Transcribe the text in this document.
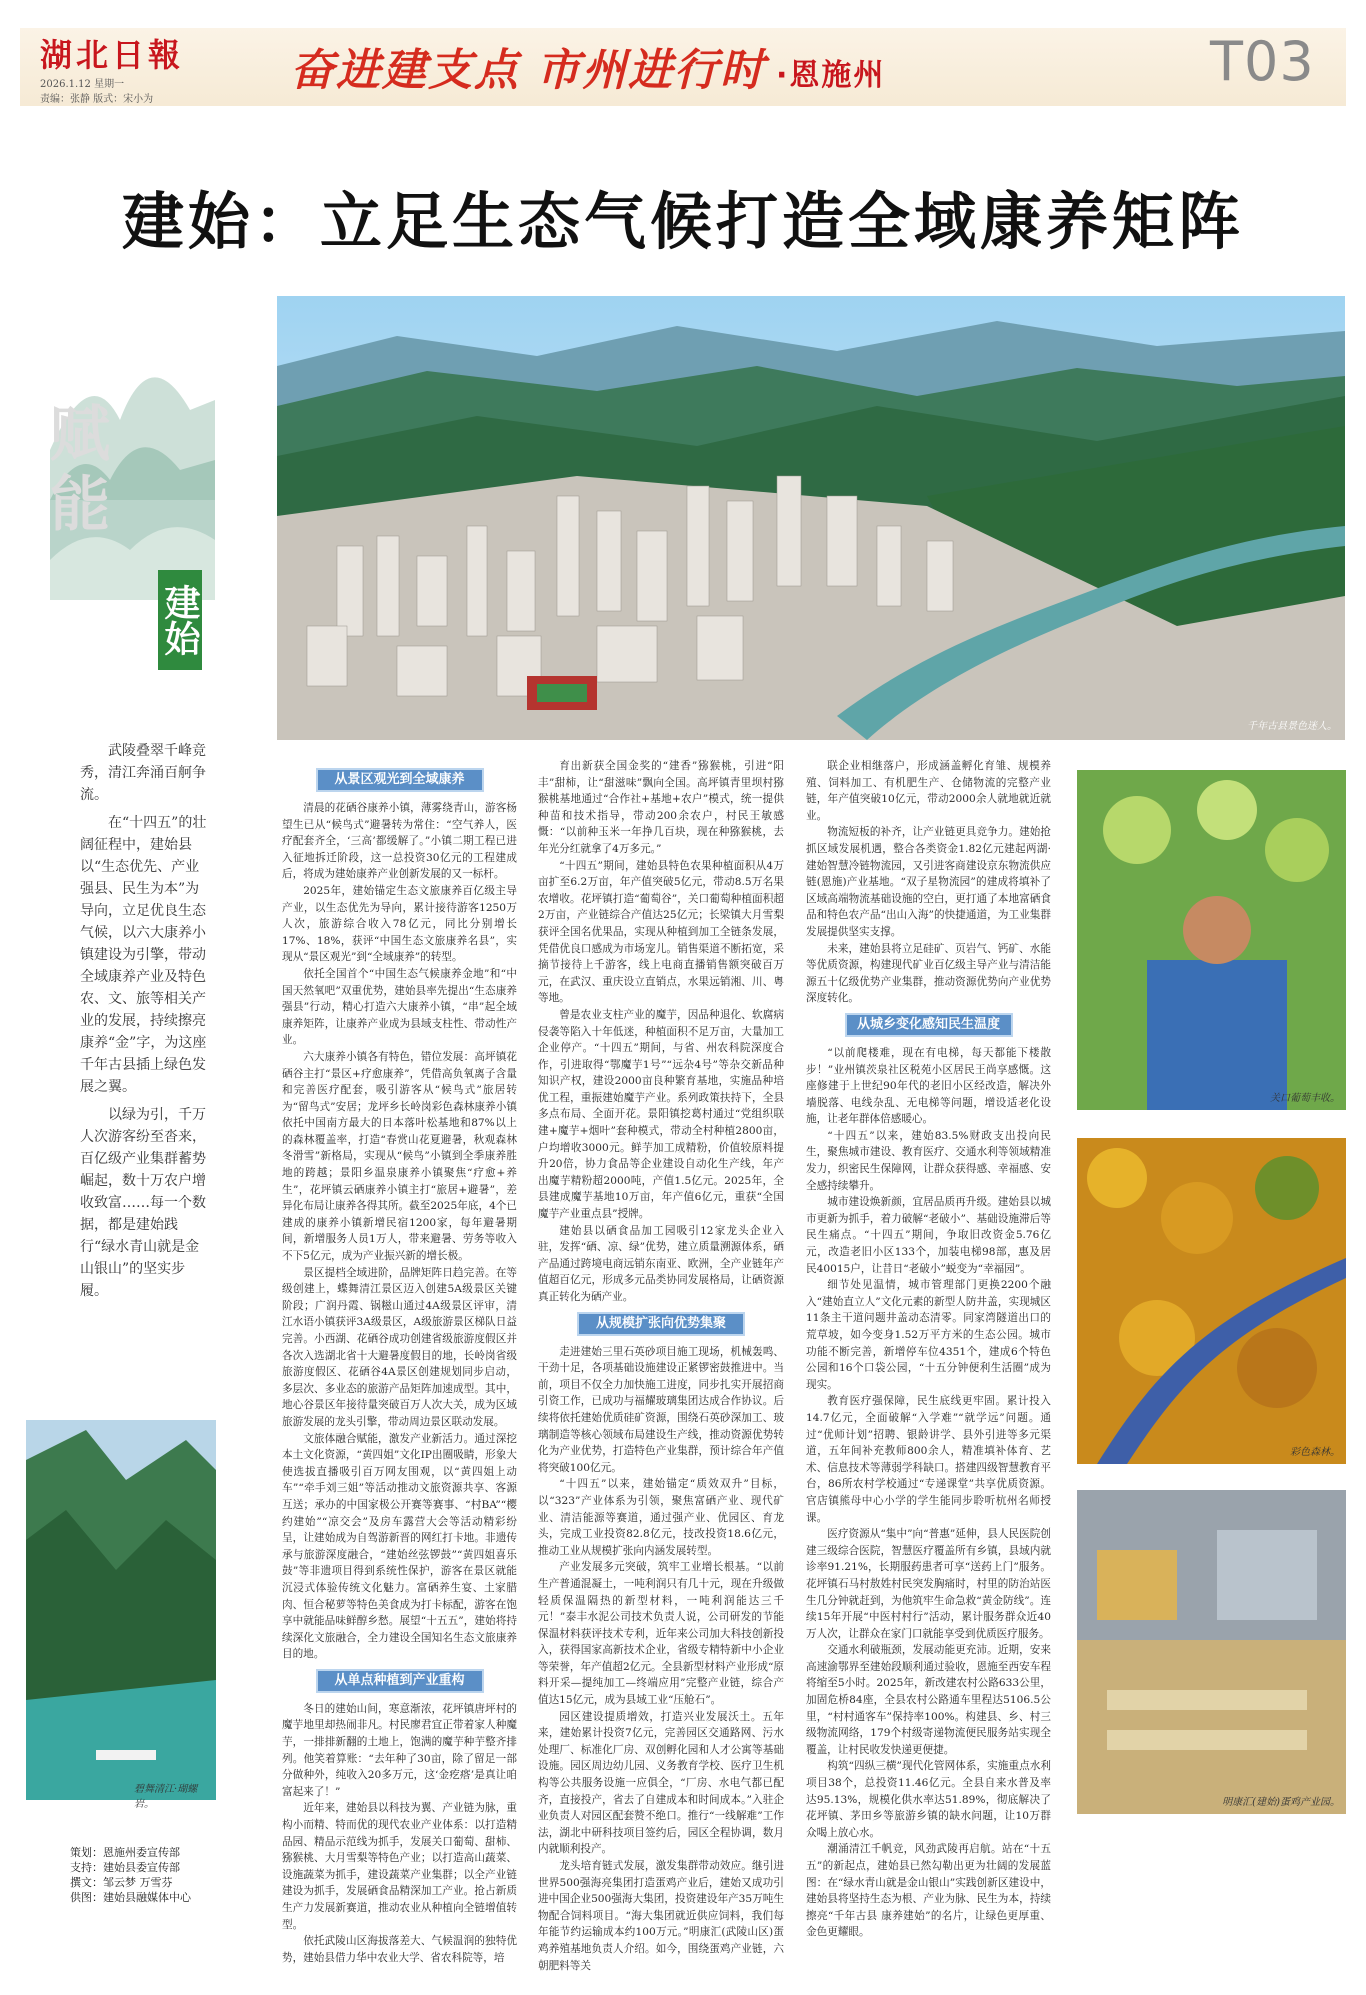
湖北日報
2026.1.12 星期一
责编：张静 版式：宋小为
奋进建支点 市州进行时 ·恩施州	T03
建始：立足生态气候打造全域康养矩阵
千年古县景色迷人。
赋
能
建始

武陵叠翠千峰竞秀，清江奔涌百舸争流。

在“十四五”的壮阔征程中，建始县以“生态优先、产业强县、民生为本”为导向，立足优良生态气候，以六大康养小镇建设为引擎，带动全域康养产业及特色农、文、旅等相关产业的发展，持续擦亮康养“金”字，为这座千年古县插上绿色发展之翼。

以绿为引，千万人次游客纷至沓来，百亿级产业集群蓄势崛起，数十万农户增收致富……每一个数据，都是建始践行“绿水青山就是金山银山”的坚实步履。

碧舞清江·瑚螺岩。
策划：恩施州委宣传部
支持：建始县委宣传部
撰文：邹云梦 万雪芬
供图：建始县融媒体中心
从景区观光到全域康养

清晨的花硒谷康养小镇，薄雾绕青山，游客杨望生已从“候鸟式”避暑转为常住：“空气养人，医疗配套齐全，‘三高’都缓解了。”小镇二期工程已进入征地拆迁阶段，这一总投资30亿元的工程建成后，将成为建始康养产业创新发展的又一标杆。

2025年，建始锚定生态文旅康养百亿级主导产业，以生态优先为导向，累计接待游客1250万人次，旅游综合收入78亿元，同比分别增长17%、18%，获评“中国生态文旅康养名县”，实现从“景区观光”到“全域康养”的转型。

依托全国首个“中国生态气候康养金地”和“中国天然氧吧”双重优势，建始县率先提出“生态康养强县”行动，精心打造六大康养小镇，“串”起全域康养矩阵，让康养产业成为县域支柱性、带动性产业。

六大康养小镇各有特色，错位发展：高坪镇花硒谷主打“景区+疗愈康养”，凭借高负氧离子含量和完善医疗配套，吸引游客从“候鸟式”旅居转为“留鸟式”安居；龙坪乡长岭岗彩色森林康养小镇依托中国南方最大的日本落叶松基地和87%以上的森林覆盖率，打造“春赏山花夏避暑，秋观森林冬滑雪”新格局，实现从“候鸟”小镇到全季康养胜地的跨越；景阳乡温泉康养小镇聚焦“疗愈+养生”，花坪镇云硒康养小镇主打“旅居+避暑”，差异化布局让康养各得其所。截至2025年底，4个已建成的康养小镇新增民宿1200家，每年避暑期间，新增服务人员1万人，带来避暑、劳务等收入不下5亿元，成为产业振兴新的增长极。

景区提档全域进阶，品牌矩阵日趋完善。在等级创建上，蝶舞清江景区迈入创建5A级景区关键阶段；广润丹霞、锅糍山通过4A级景区评审，清江水语小镇获评3A级景区，A级旅游景区梯队日益完善。小西湖、花硒谷成功创建省级旅游度假区并各次入选湖北省十大避暑度假目的地，长岭岗省级旅游度假区、花硒谷4A景区创建规划同步启动，多层次、多业态的旅游产品矩阵加速成型。其中，地心谷景区年接待量突破百万人次大关，成为区域旅游发展的龙头引擎，带动周边景区联动发展。

文旅体融合赋能，激发产业新活力。通过深挖本土文化资源，“黄四姐”文化IP出圈吸睛，形象大使选拔直播吸引百万网友围观，以“黄四姐上动车”“牵手刘三姐”等活动推动文旅资源共享、客源互送；承办的中国家极公开赛等赛事、“村BA”“樱约建始”“凉交会”及房车露营大会等活动精彩纷呈，让建始成为自驾游新晋的网红打卡地。非遗传承与旅游深度融合，“建始丝弦锣鼓”“黄四姐喜乐鼓”等非遗项目得到系统性保护，游客在景区就能沉浸式体验传统文化魅力。富硒养生宴、土家腊肉、恒合秘萝等特色美食成为打卡标配，游客在饱享中就能品味鲜醇乡愁。展望“十五五”，建始将持续深化文旅融合，全力建设全国知名生态文旅康养目的地。

从单点种植到产业重构

冬日的建始山间，寒意渐浓，花坪镇唐坪村的魔芋地里却热闹非凡。村民廖君宜正带着家人种魔芋，一排排新翻的土地上，饱满的魔芋种芋整齐排列。他笑着算账：“去年种了30亩，除了留足一部分做种外，纯收入20多万元，这‘金疙瘩’是真让咱富起来了！”

近年来，建始县以科技为翼、产业链为脉，重构小而精、特而优的现代农业产业体系：以打造精品园、精品示范线为抓手，发展关口葡萄、甜柿、猕猴桃、大月雪梨等特色产业；以打造高山蔬菜、设施蔬菜为抓手，建设蔬菜产业集群；以全产业链建设为抓手，发展硒食品精深加工产业。抢占新质生产力发展新赛道，推动农业从种植向全链增值转型。

依托武陵山区海拔落差大、气候温润的独特优势，建始县借力华中农业大学、省农科院等，培

育出新获全国金奖的“建香”猕猴桃，引进“阳丰”甜柿，让“甜滋味”飘向全国。高坪镇青里坝村猕猴桃基地通过“合作社+基地+农户”模式，统一提供种苗和技术指导，带动200余农户，村民王敏感慨：“以前种玉米一年挣几百块，现在种猕猴桃，去年光分红就拿了4万多元。”

“十四五”期间，建始县特色农果种植面积从4万亩扩至6.2万亩，年产值突破5亿元，带动8.5万名果农增收。花坪镇打造“葡萄谷”，关口葡萄种植面积超2万亩，产业链综合产值达25亿元；长梁镇大月雪梨获评全国名优果品，实现从种植到加工全链条发展，凭借优良口感成为市场宠儿。销售渠道不断拓宽，采摘节接待上千游客，线上电商直播销售额突破百万元，在武汉、重庆设立直销点，水果远销湘、川、粤等地。

曾是农业支柱产业的魔芋，因品种退化、软腐病侵袭等陷入十年低迷，种植面积不足万亩，大量加工企业停产。“十四五”期间，与省、州农科院深度合作，引进取得“鄂魔芋1号”“远杂4号”等杂交新品种知识产权，建设2000亩良种繁育基地，实施品种培优工程，重振建始魔芋产业。系列政策扶持下，全县多点布局、全面开花。景阳镇挖葛村通过“党组织联建+魔芋+烟叶”套种模式，带动全村种植2800亩，户均增收3000元。鲜芋加工成精粉，价值较原料提升20倍，协力食品等企业建设自动化生产线，年产出魔芋精粉超2000吨，产值1.5亿元。2025年，全县建成魔芋基地10万亩，年产值6亿元，重获“全国魔芋产业重点县”授牌。

建始县以硒食品加工园吸引12家龙头企业入驻，发挥“硒、凉、绿”优势，建立质量溯源体系，硒产品通过跨境电商远销东南亚、欧洲，全产业链年产值超百亿元，形成多元品类协同发展格局，让硒资源真正转化为硒产业。

从规模扩张向优势集聚

走进建始三里石英砂项目施工现场，机械轰鸣、干劲十足，各项基础设施建设正紧锣密鼓推进中。当前，项目不仅全力加快施工进度，同步扎实开展招商引资工作，已成功与福耀玻璃集团达成合作协议。后续将依托建始优质硅矿资源，围绕石英砂深加工、玻璃制造等核心领域布局建设生产线，推动资源优势转化为产业优势，打造特色产业集群，预计综合年产值将突破100亿元。

“十四五”以来，建始锚定“质效双升”目标，以“323”产业体系为引领，聚焦富硒产业、现代矿业、清洁能源等赛道，通过强产业、优园区、育龙头，完成工业投资82.8亿元，技改投资18.6亿元，推动工业从规模扩张向内涵发展转型。

产业发展多元突破，筑牢工业增长根基。“以前生产普通混凝土，一吨利润只有几十元，现在升级做轻质保温隔热的新型材料，一吨利润能达三千元！”泰丰水泥公司技术负责人说，公司研发的节能保温材料获评技术专利，近年来公司加大科技创新投入，获得国家高新技术企业，省级专精特新中小企业等荣誉，年产值超2亿元。全县新型材料产业形成“原料开采—提纯加工—终端应用”完整产业链，综合产值达15亿元，成为县域工业“压舱石”。

园区建设提质增效，打造兴业发展沃土。五年来，建始累计投资7亿元，完善园区交通路网、污水处理厂、标准化厂房、双创孵化园和人才公寓等基础设施。园区周边幼儿园、义务教育学校、医疗卫生机构等公共服务设施一应俱全，“厂房、水电气都已配齐，直接投产，省去了自建成本和时间成本。”入驻企业负责人对园区配套赞不绝口。推行“一线解难”工作法，湖北中研科技项目签约后，园区全程协调，数月内就顺利投产。

龙头培育链式发展，激发集群带动效应。继引进世界500强海亮集团打造蛋鸡产业后，建始又成功引进中国企业500强海大集团，投资建设年产35万吨生物配合饲料项目。“海大集团就近供应饲料，我们每年能节约运输成本约100万元。”明康汇(武陵山区)蛋鸡养殖基地负责人介绍。如今，围绕蛋鸡产业链，六朝肥料等关

联企业相继落户，形成涵盖孵化育雏、规模养殖、饲料加工、有机肥生产、仓储物流的完整产业链，年产值突破10亿元，带动2000余人就地就近就业。

物流短板的补齐，让产业链更具竞争力。建始抢抓区域发展机遇，整合各类资金1.82亿元建起两湖·建始智慧冷链物流园，又引进客商建设京东物流供应链(恩施)产业基地。“双子星物流园”的建成将填补了区域高端物流基础设施的空白，更打通了本地富硒食品和特色农产品“出山入海”的快捷通道，为工业集群发展提供坚实支撑。

未来，建始县将立足硅矿、页岩气、钙矿、水能等优质资源，构建现代矿业百亿级主导产业与清洁能源五十亿级优势产业集群，推动资源优势向产业优势深度转化。

从城乡变化感知民生温度

“以前爬楼难，现在有电梯，每天都能下楼散步！”业州镇茨泉社区税苑小区居民王尚享感慨。这座修建于上世纪90年代的老旧小区经改造，解决外墙脱落、电线杂乱、无电梯等问题，增设适老化设施，让老年群体倍感暖心。

“十四五”以来，建始83.5%财政支出投向民生，聚焦城市建设、教育医疗、交通水利等领域精准发力，织密民生保障网，让群众获得感、幸福感、安全感持续攀升。

城市建设焕新颜，宜居品质再升级。建始县以城市更新为抓手，着力破解“老破小”、基础设施滞后等民生痛点。“十四五”期间，争取旧改资金5.76亿元，改造老旧小区133个，加装电梯98部，惠及居民40015户，让昔日“老破小”蜕变为“幸福园”。

细节处见温情，城市管理部门更换2200个融入“建始直立人”文化元素的新型人防井盖，实现城区11条主干道问题井盖动态清零。同家湾隧道出口的荒草坡，如今变身1.52万平方米的生态公园。城市功能不断完善，新增停车位4351个，建成6个特色公园和16个口袋公园，“十五分钟便利生活圈”成为现实。

教育医疗强保障，民生底线更牢固。累计投入14.7亿元，全面破解“入学难”“就学远”问题。通过“优师计划”招聘、银龄讲学、县外引进等多元渠道，五年间补充教师800余人，精准填补体育、艺术、信息技术等薄弱学科缺口。搭建四级智慧教育平台，86所农村学校通过“专递课堂”共享优质资源。官店镇熊母中心小学的学生能同步聆听杭州名师授课。

医疗资源从“集中”向“普惠”延伸，县人民医院创建三级综合医院，智慧医疗覆盖所有乡镇，县域内就诊率91.21%，长期服药患者可享“送药上门”服务。花坪镇石马村敖姓村民突发胸痛时，村里的防治站医生几分钟就赶到，为他筑牢生命急救“黄金防线”。连续15年开展“中医村村行”活动，累计服务群众近40万人次，让群众在家门口就能享受到优质医疗服务。

交通水利破瓶颈，发展动能更充沛。近期，安来高速渝鄂界至建始段顺利通过验收，恩施至西安车程将缩至5小时。2025年，新改建农村公路633公里，加固危桥84座，全县农村公路通车里程达5106.5公里，“村村通客车”保持率100%。构建县、乡、村三级物流网络，179个村级寄递物流便民服务站实现全覆盖，让村民收发快递更便捷。

构筑“四纵三横”现代化管网体系，实施重点水利项目38个，总投资11.46亿元。全县自来水普及率达95.13%，规模化供水率达51.89%，彻底解决了花坪镇、茅田乡等旅游乡镇的缺水问题，让10万群众喝上放心水。

潮涌清江千帆竞，风劲武陵再启航。站在“十五五”的新起点，建始县已然勾勒出更为壮阔的发展蓝图：在“绿水青山就是金山银山”实践创新区建设中，建始县将坚持生态为根、产业为脉、民生为本，持续擦亮“千年古县 康养建始”的名片，让绿色更厚重、金色更耀眼。

关口葡萄丰收。
彩色森林。
明康汇(建始)蛋鸡产业园。
